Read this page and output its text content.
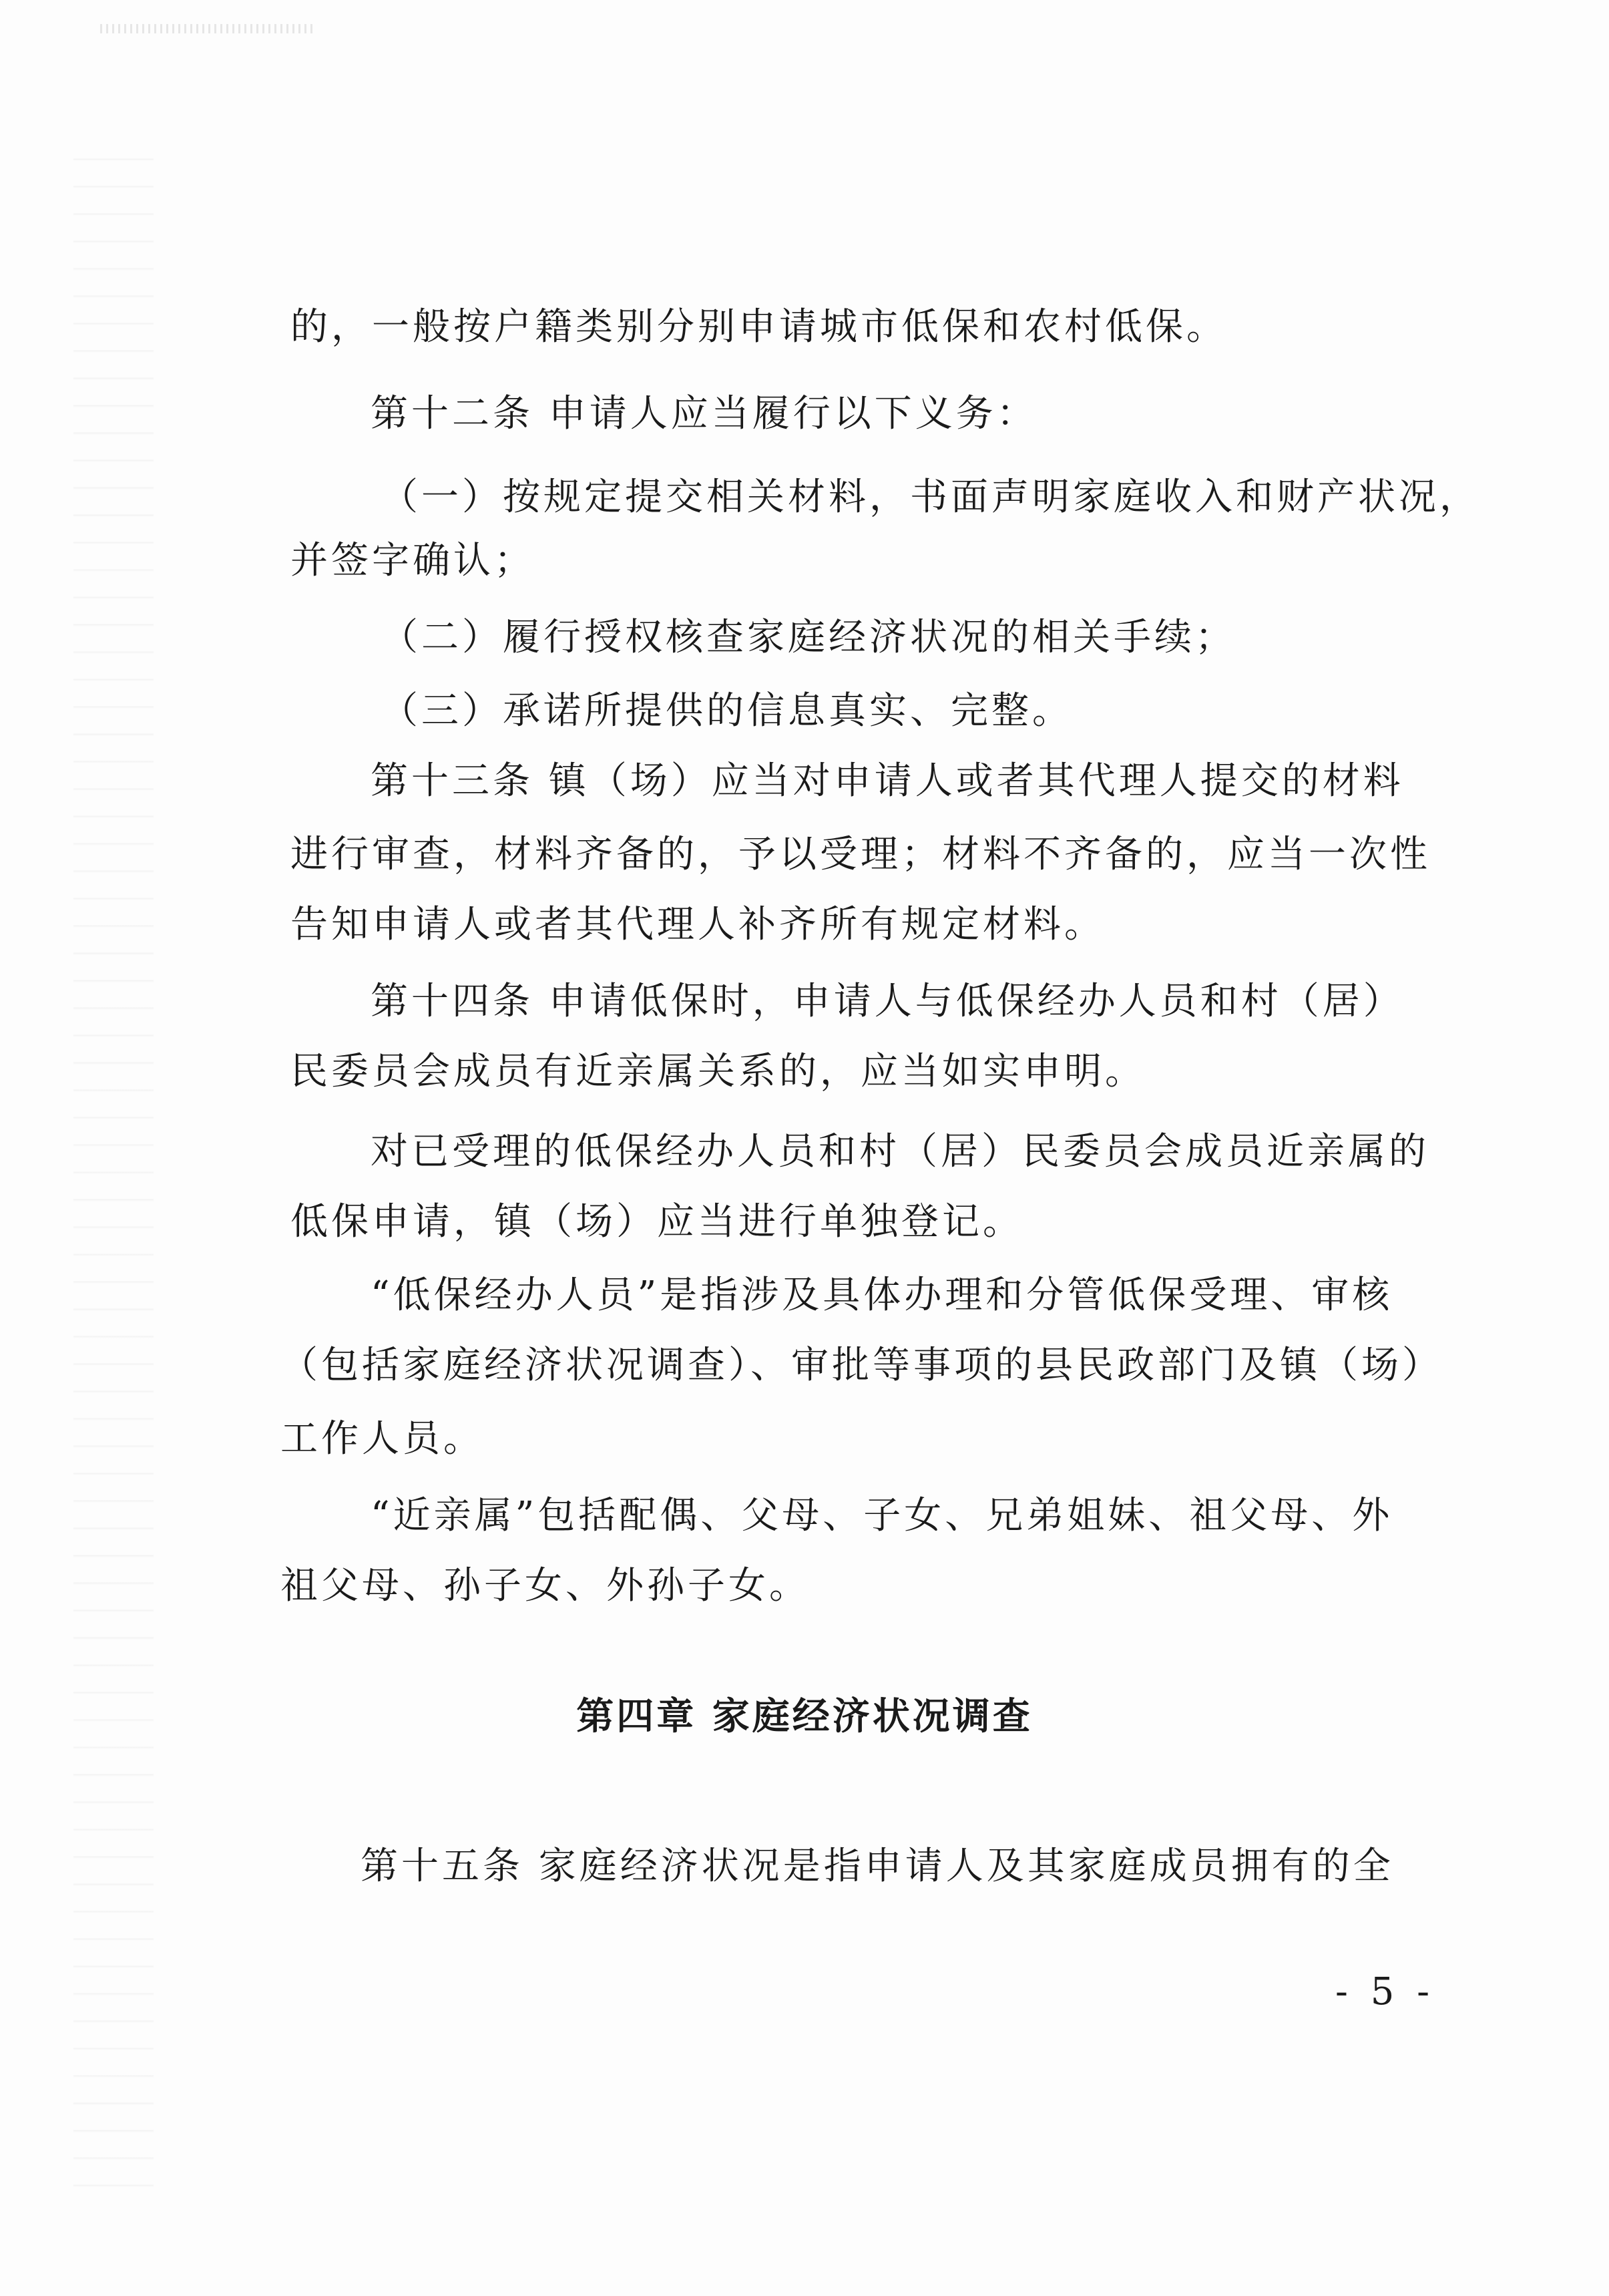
的，一般按户籍类别分别申请城市低保和农村低保。
第十二条 申请人应当履行以下义务：
（一）按规定提交相关材料，书面声明家庭收入和财产状况，
并签字确认；
（二）履行授权核查家庭经济状况的相关手续；
（三）承诺所提供的信息真实、完整。
第十三条 镇（场）应当对申请人或者其代理人提交的材料
进行审查，材料齐备的，予以受理；材料不齐备的，应当一次性
告知申请人或者其代理人补齐所有规定材料。
第十四条 申请低保时，申请人与低保经办人员和村（居）
民委员会成员有近亲属关系的，应当如实申明。
对已受理的低保经办人员和村（居）民委员会成员近亲属的
低保申请，镇（场）应当进行单独登记。
“低保经办人员”是指涉及具体办理和分管低保受理、审核
（包括家庭经济状况调查）、审批等事项的县民政部门及镇（场）
工作人员。
“近亲属”包括配偶、父母、子女、兄弟姐妹、祖父母、外
祖父母、孙子女、外孙子女。
第四章 家庭经济状况调查
第十五条 家庭经济状况是指申请人及其家庭成员拥有的全
- 5 -
